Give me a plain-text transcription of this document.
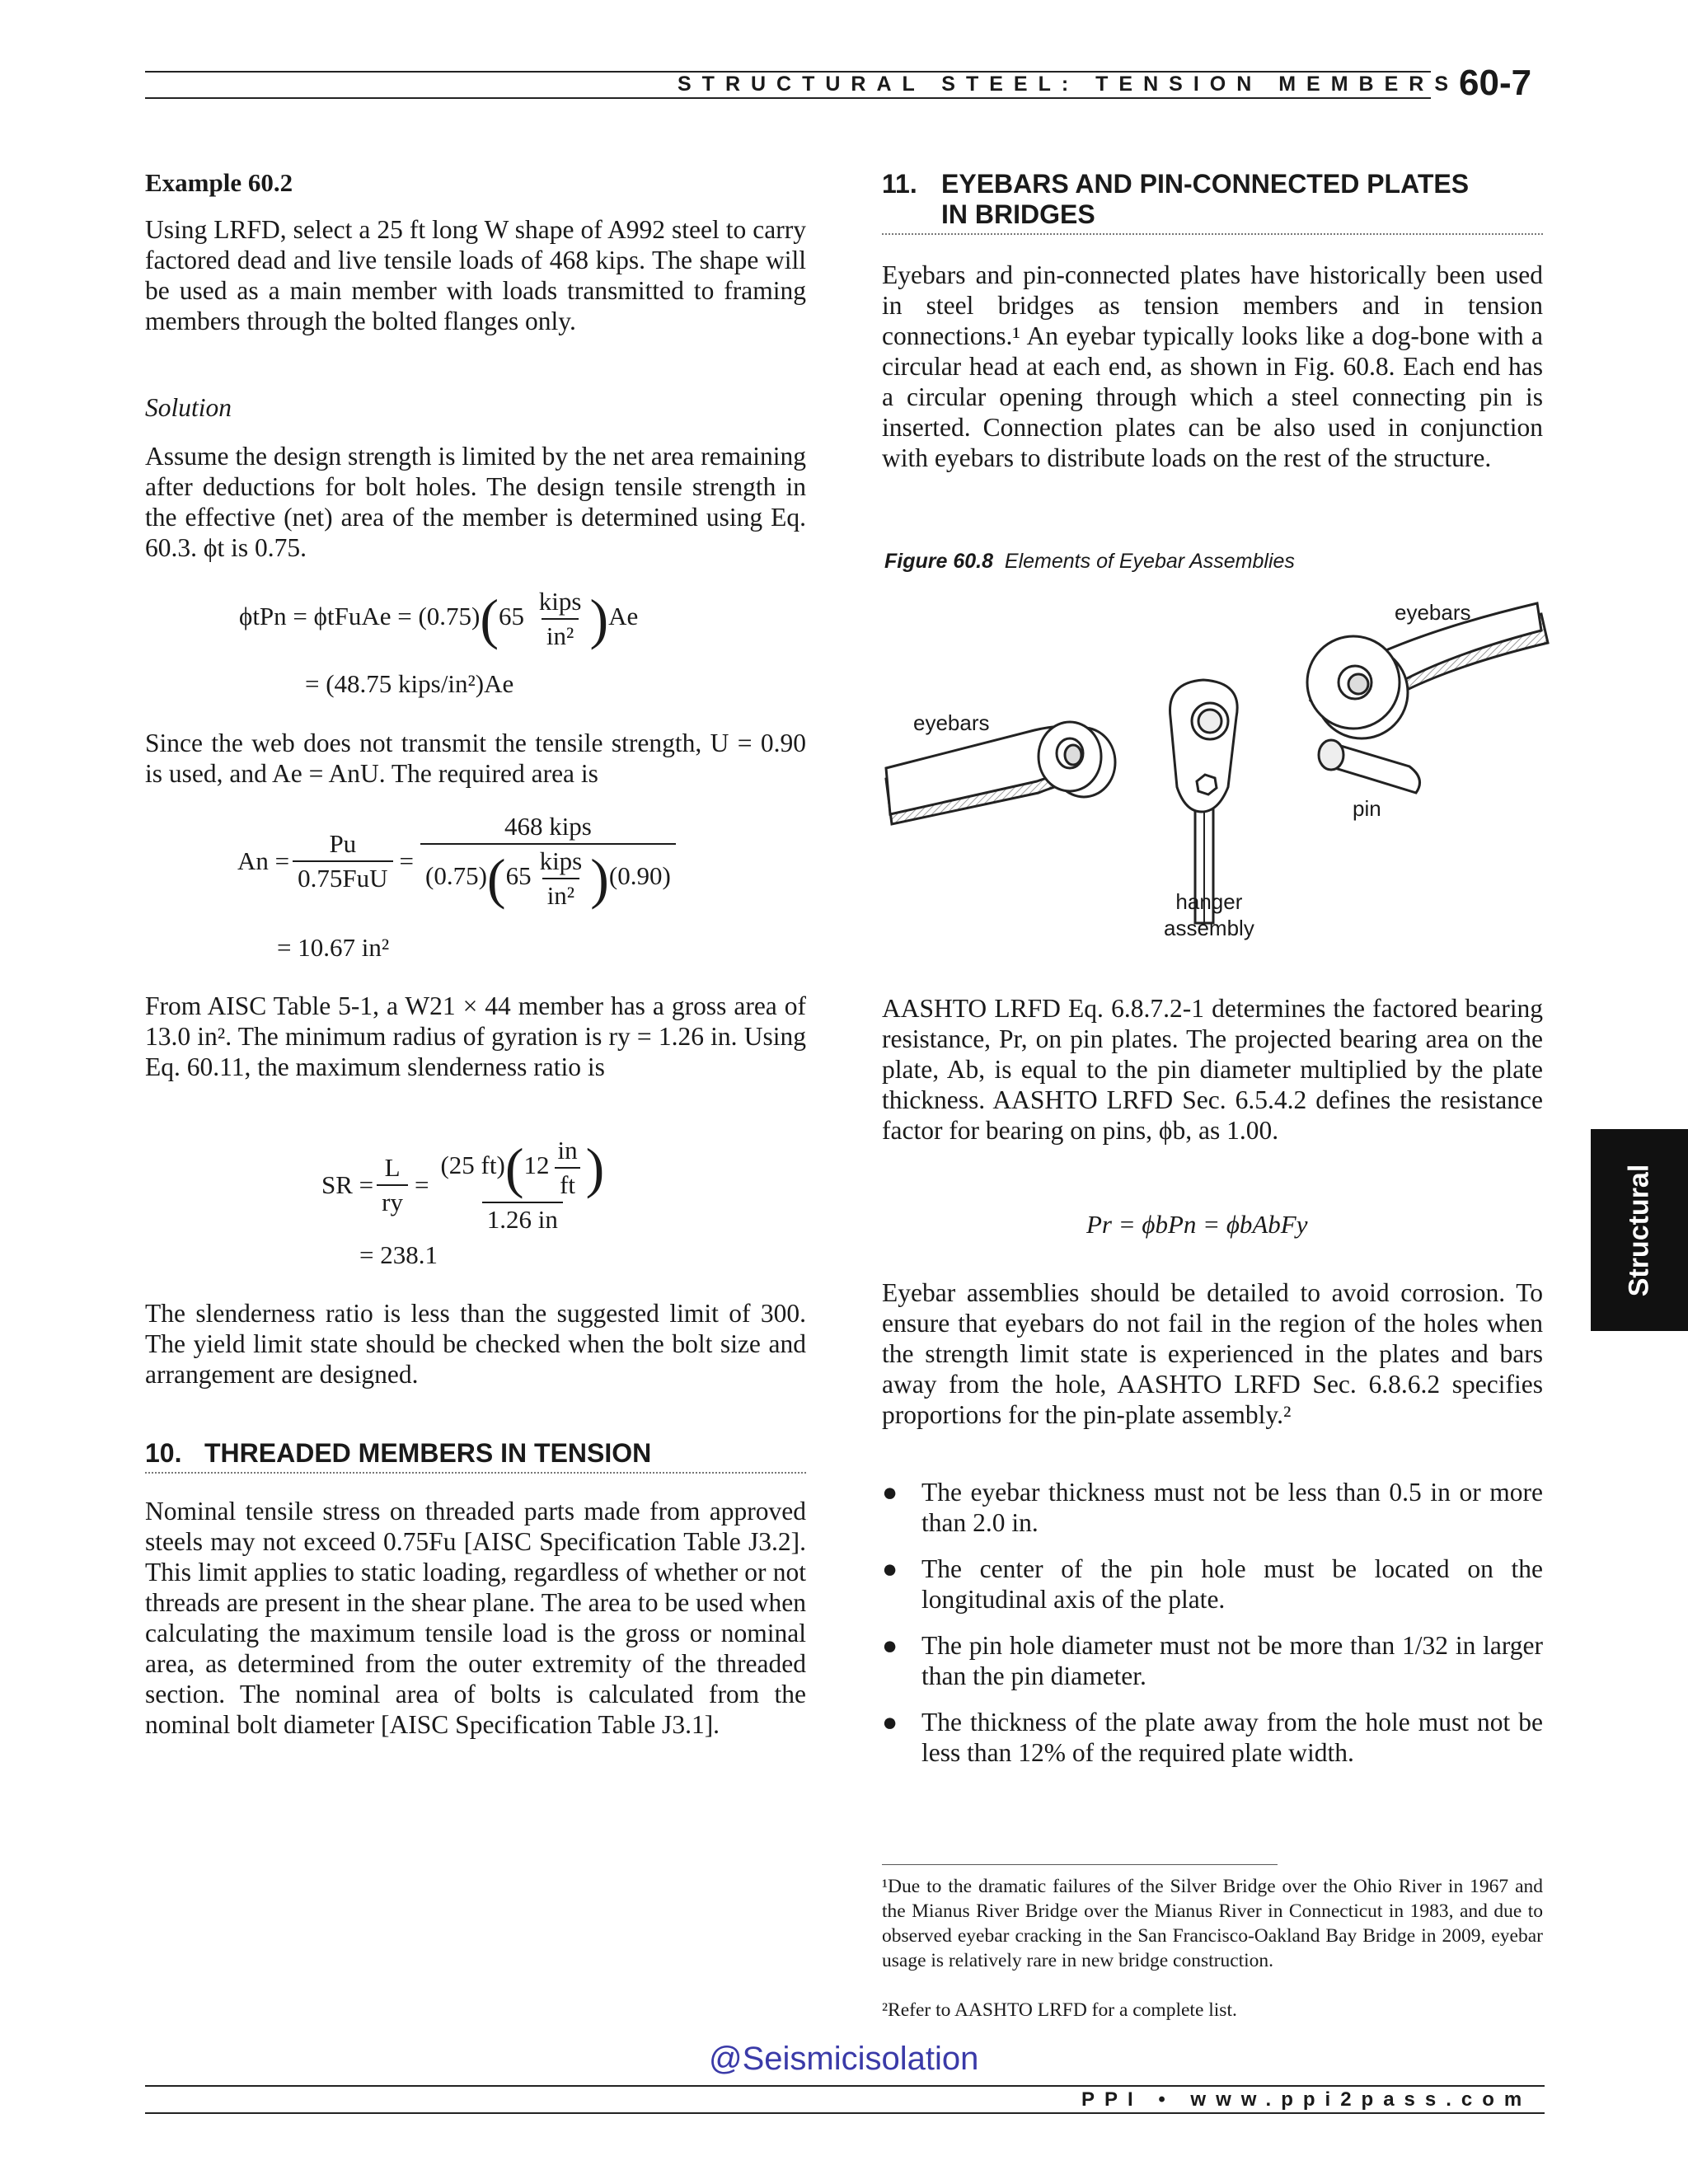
STRUCTURAL STEEL: TENSION MEMBERS 60-7
Example 60.2

Using LRFD, select a 25 ft long W shape of A992 steel to carry factored dead and live tensile loads of 468 kips. The shape will be used as a main member with loads transmitted to framing members through the bolted flanges only.

Solution

Assume the design strength is limited by the net area remaining after deductions for bolt holes. The design tensile strength in the effective (net) area of the member is determined using Eq. 60.3. ϕt is 0.75.

ϕtPn = ϕtFuAe = $(0.75)(65 \frac{\text{kips}}{\text{in²}} )Ae$
= (48.75 kips/in²)Ae

Since the web does not transmit the tensile strength, U = 0.90 is used, and Ae = AnU. The required area is

$An = \frac{Pu}{\text{0.75FuU}} = \frac{\text{468 kips}}{(0.75)(65 \frac{\text{kips}}{\text{in²}} )(0.90)}$
= 10.67 in²

From AISC Table 5-1, a W21 × 44 member has a gross area of 13.0 in². The minimum radius of gyration is ry = 1.26 in. Using Eq. 60.11, the maximum slenderness ratio is

SR = $\frac{L}{ry} = \frac{(25 ft)(12 \frac{in}{ft} )}{1.26 in}$
= 238.1

The slenderness ratio is less than the suggested limit of 300. The yield limit state should be checked when the bolt size and arrangement are designed.

10. THREADED MEMBERS IN TENSION

Nominal tensile stress on threaded parts made from approved steels may not exceed 0.75Fu [AISC Specification Table J3.2]. This limit applies to static loading, regardless of whether or not threads are present in the shear plane. The area to be used when calculating the maximum tensile load is the gross or nominal area, as determined from the outer extremity of the threaded section. The nominal area of bolts is calculated from the nominal bolt diameter [AISC Specification Table J3.1].

11. EYEBARS AND PIN-CONNECTED PLATES
IN BRIDGES

Eyebars and pin-connected plates have historically been used in steel bridges as tension members and in tension connections.¹ An eyebar typically looks like a dog-bone with a circular head at each end, as shown in Fig. 60.8. Each end has a circular opening through which a steel connecting pin is inserted. Connection plates can be also used in conjunction with eyebars to distribute loads on the rest of the structure.

Figure 60.8 Elements of Eyebar Assemblies
eyebars
eyebars
pin
hanger
assembly

AASHTO LRFD Eq. 6.8.7.2-1 determines the factored bearing resistance, Pr, on pin plates. The projected bearing area on the plate, Ab, is equal to the pin diameter multiplied by the plate thickness. AASHTO LRFD Sec. 6.5.4.2 defines the resistance factor for bearing on pins, ϕb, as 1.00.

Pr = ϕbPn = ϕbAbFy

Eyebar assemblies should be detailed to avoid corrosion. To ensure that eyebars do not fail in the region of the holes when the strength limit state is experienced in the plates and bars away from the hole, AASHTO LRFD Sec. 6.8.6.2 specifies proportions for the pin-plate assembly.²

● The eyebar thickness must not be less than 0.5 in or more than 2.0 in.
● The center of the pin hole must be located on the longitudinal axis of the plate.
● The pin hole diameter must not be more than 1/32 in larger than the pin diameter.
● The thickness of the plate away from the hole must not be less than 12% of the required plate width.
¹Due to the dramatic failures of the Silver Bridge over the Ohio River in 1967 and the Mianus River Bridge over the Mianus River in Connecticut in 1983, and due to observed eyebar cracking in the San Francisco-Oakland Bay Bridge in 2009, eyebar usage is relatively rare in new bridge construction.
²Refer to AASHTO LRFD for a complete list.
Structural
@Seismicisolation
PPI • www.ppi2pass.com
